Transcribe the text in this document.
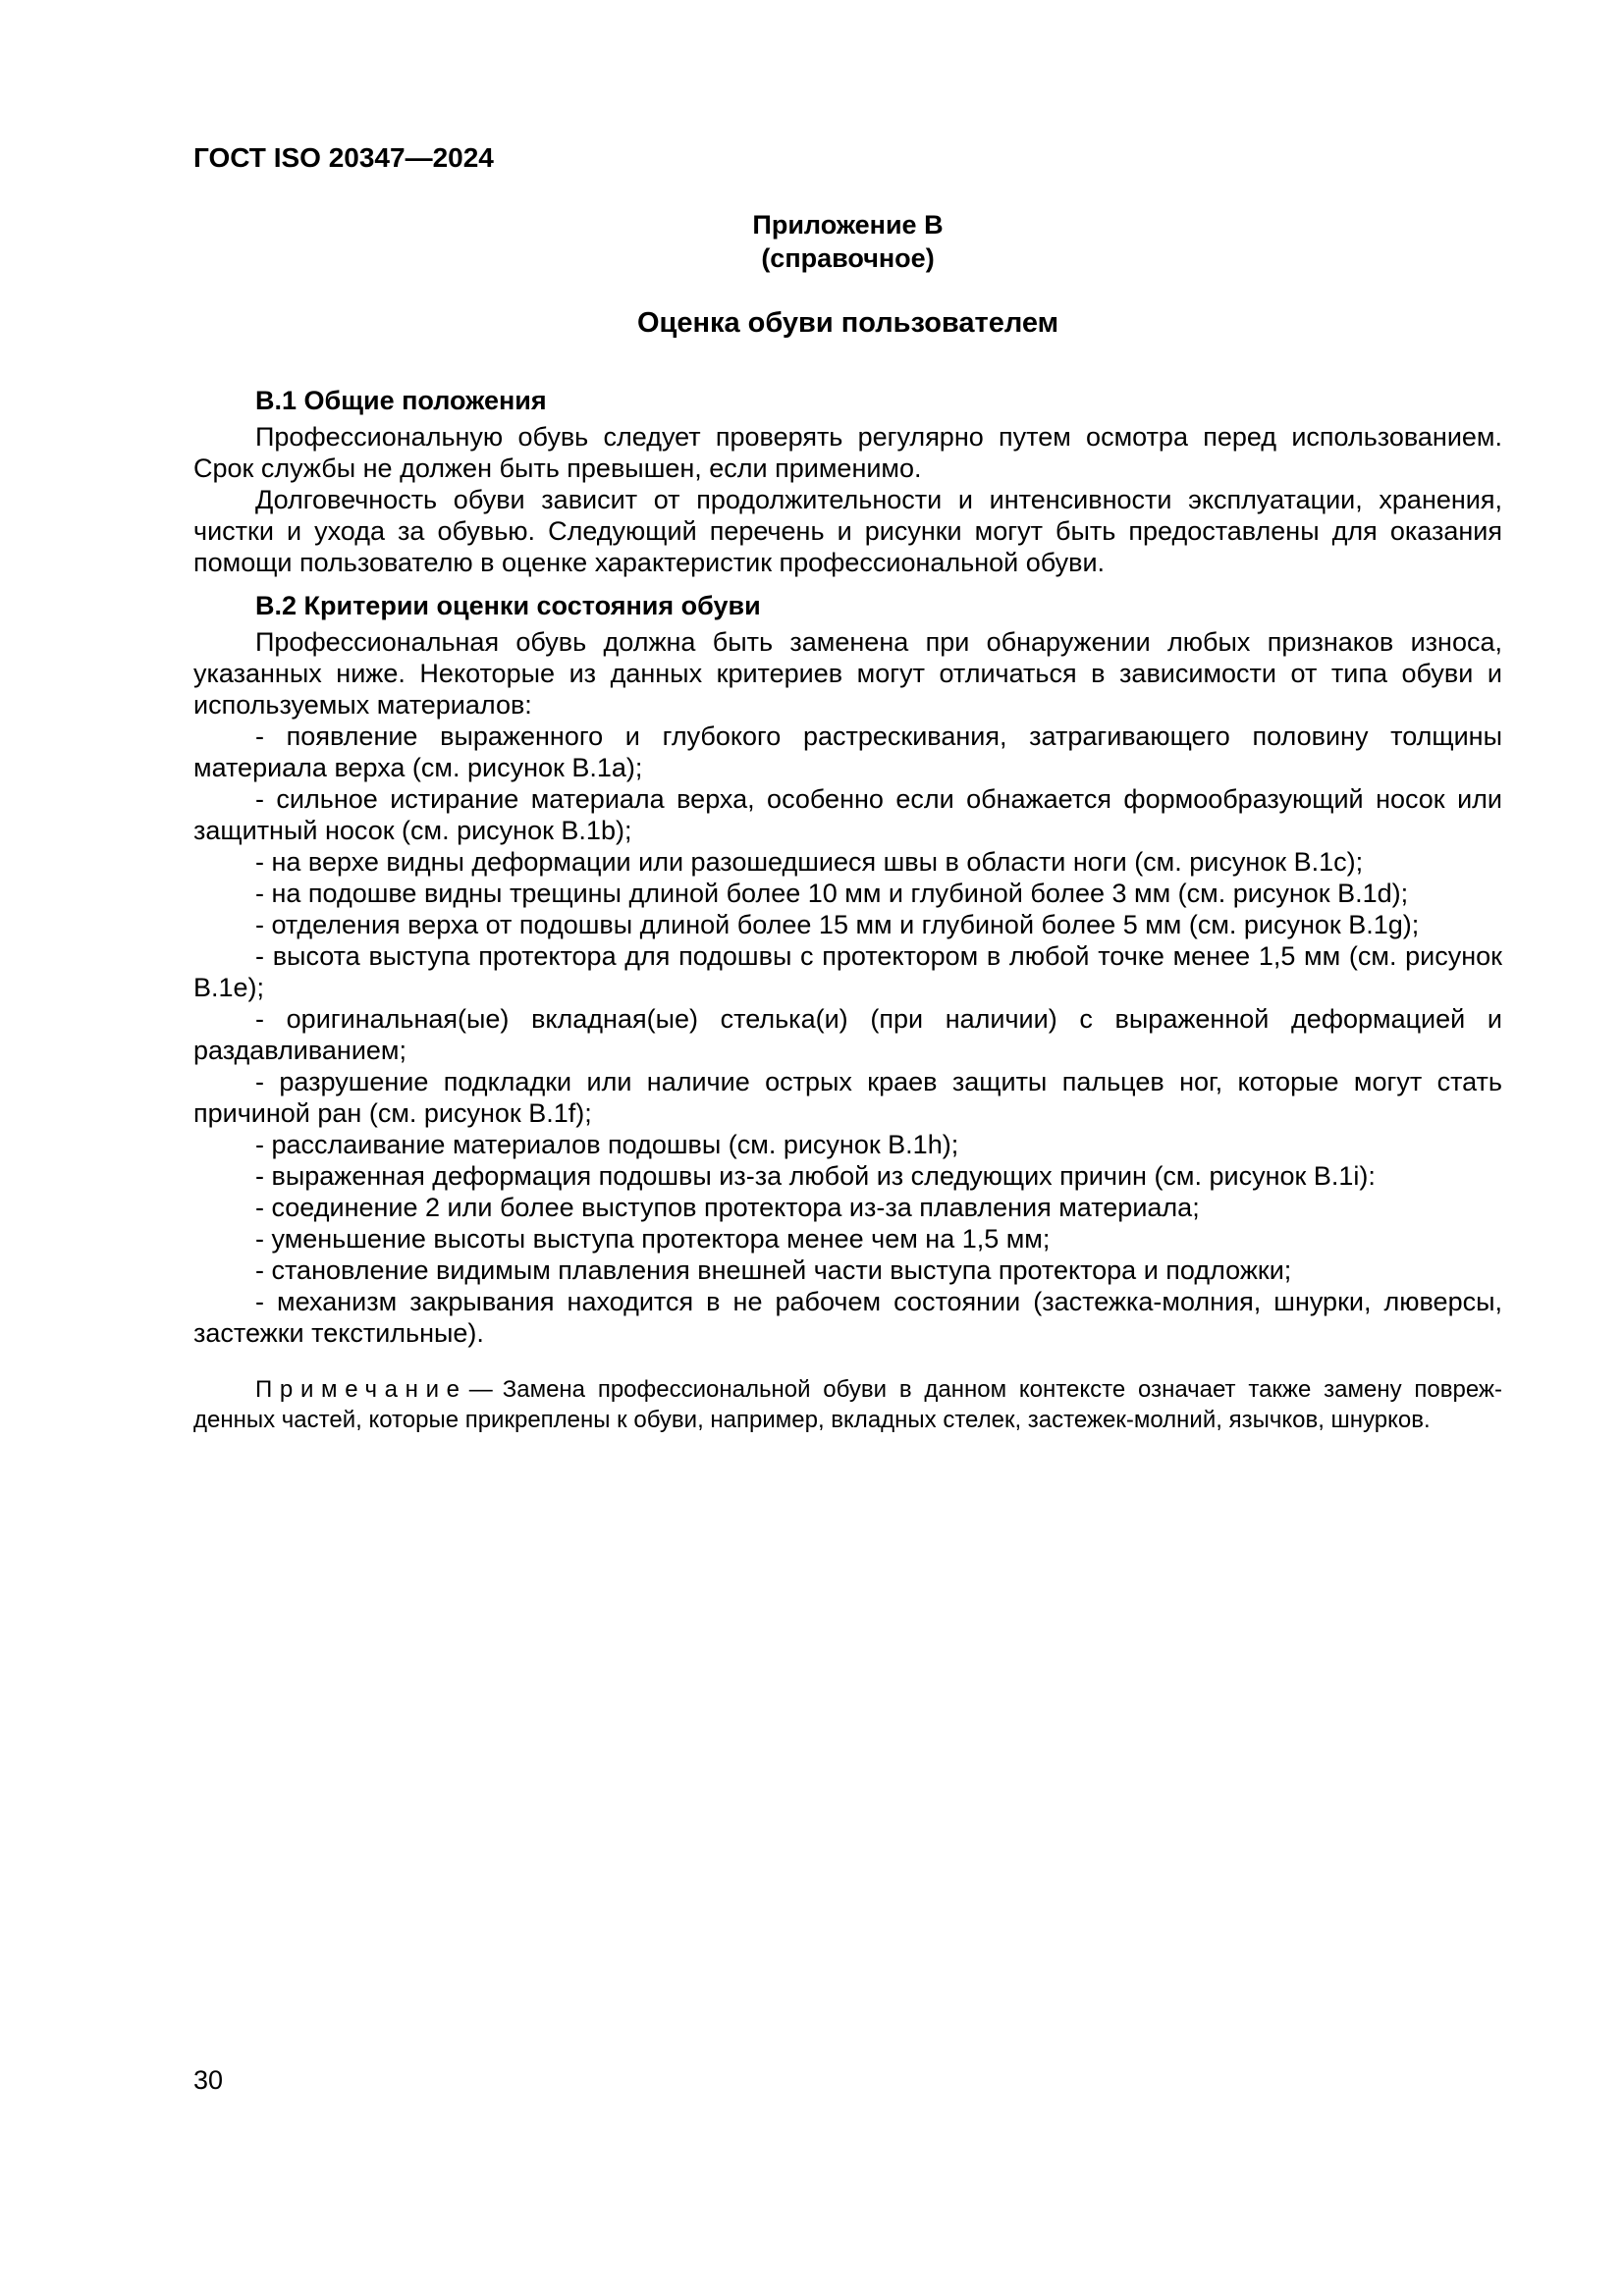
ГОСТ ISO 20347—2024
Приложение В
(справочное)
Оценка обуви пользователем
В.1 Общие положения

Профессиональную обувь следует проверять регулярно путем осмотра перед использованием. Срок службы не должен быть превышен, если применимо.

Долговечность обуви зависит от продолжительности и интенсивности эксплуатации, хранения, чистки и ухода за обувью. Следующий перечень и рисунки могут быть предоставлены для оказания помощи пользователю в оценке характеристик профессиональной обуви.

В.2 Критерии оценки состояния обуви

Профессиональная обувь должна быть заменена при обнаружении любых признаков износа, указанных ниже. Некоторые из данных критериев могут отличаться в зависимости от типа обуви и используемых материалов:

- появление выраженного и глубокого растрескивания, затрагивающего половину толщины материала верха (см. рисунок В.1а);

- сильное истирание материала верха, особенно если обнажается формообразующий носок или защитный носок (см. рисунок В.1b);

- на верхе видны деформации или разошедшиеся швы в области ноги (см. рисунок В.1с);

- на подошве видны трещины длиной более 10 мм и глубиной более 3 мм (см. рисунок В.1d);

- отделения верха от подошвы длиной более 15 мм и глубиной более 5 мм (см. рисунок В.1g);

- высота выступа протектора для подошвы с протектором в любой точке менее 1,5 мм (см. рисунок В.1е);

- оригинальная(ые) вкладная(ые) стелька(и) (при наличии) с выраженной деформацией и раздавливанием;

- разрушение подкладки или наличие острых краев защиты пальцев ног, которые могут стать причиной ран (см. рисунок В.1f);

- расслаивание материалов подошвы (см. рисунок В.1h);

- выраженная деформация подошвы из-за любой из следующих причин (см. рисунок В.1i):

- соединение 2 или более выступов протектора из-за плавления материала;

- уменьшение высоты выступа протектора менее чем на 1,5 мм;

- становление видимым плавления внешней части выступа протектора и подложки;

- механизм закрывания находится в не рабочем состоянии (застежка-молния, шнурки, люверсы, застежки текстильные).

Примечание— Замена профессиональной обуви в данном контексте означает также замену поврежденных частей, которые прикреплены к обуви, например, вкладных стелек, застежек-молний, язычков, шнурков.

30
